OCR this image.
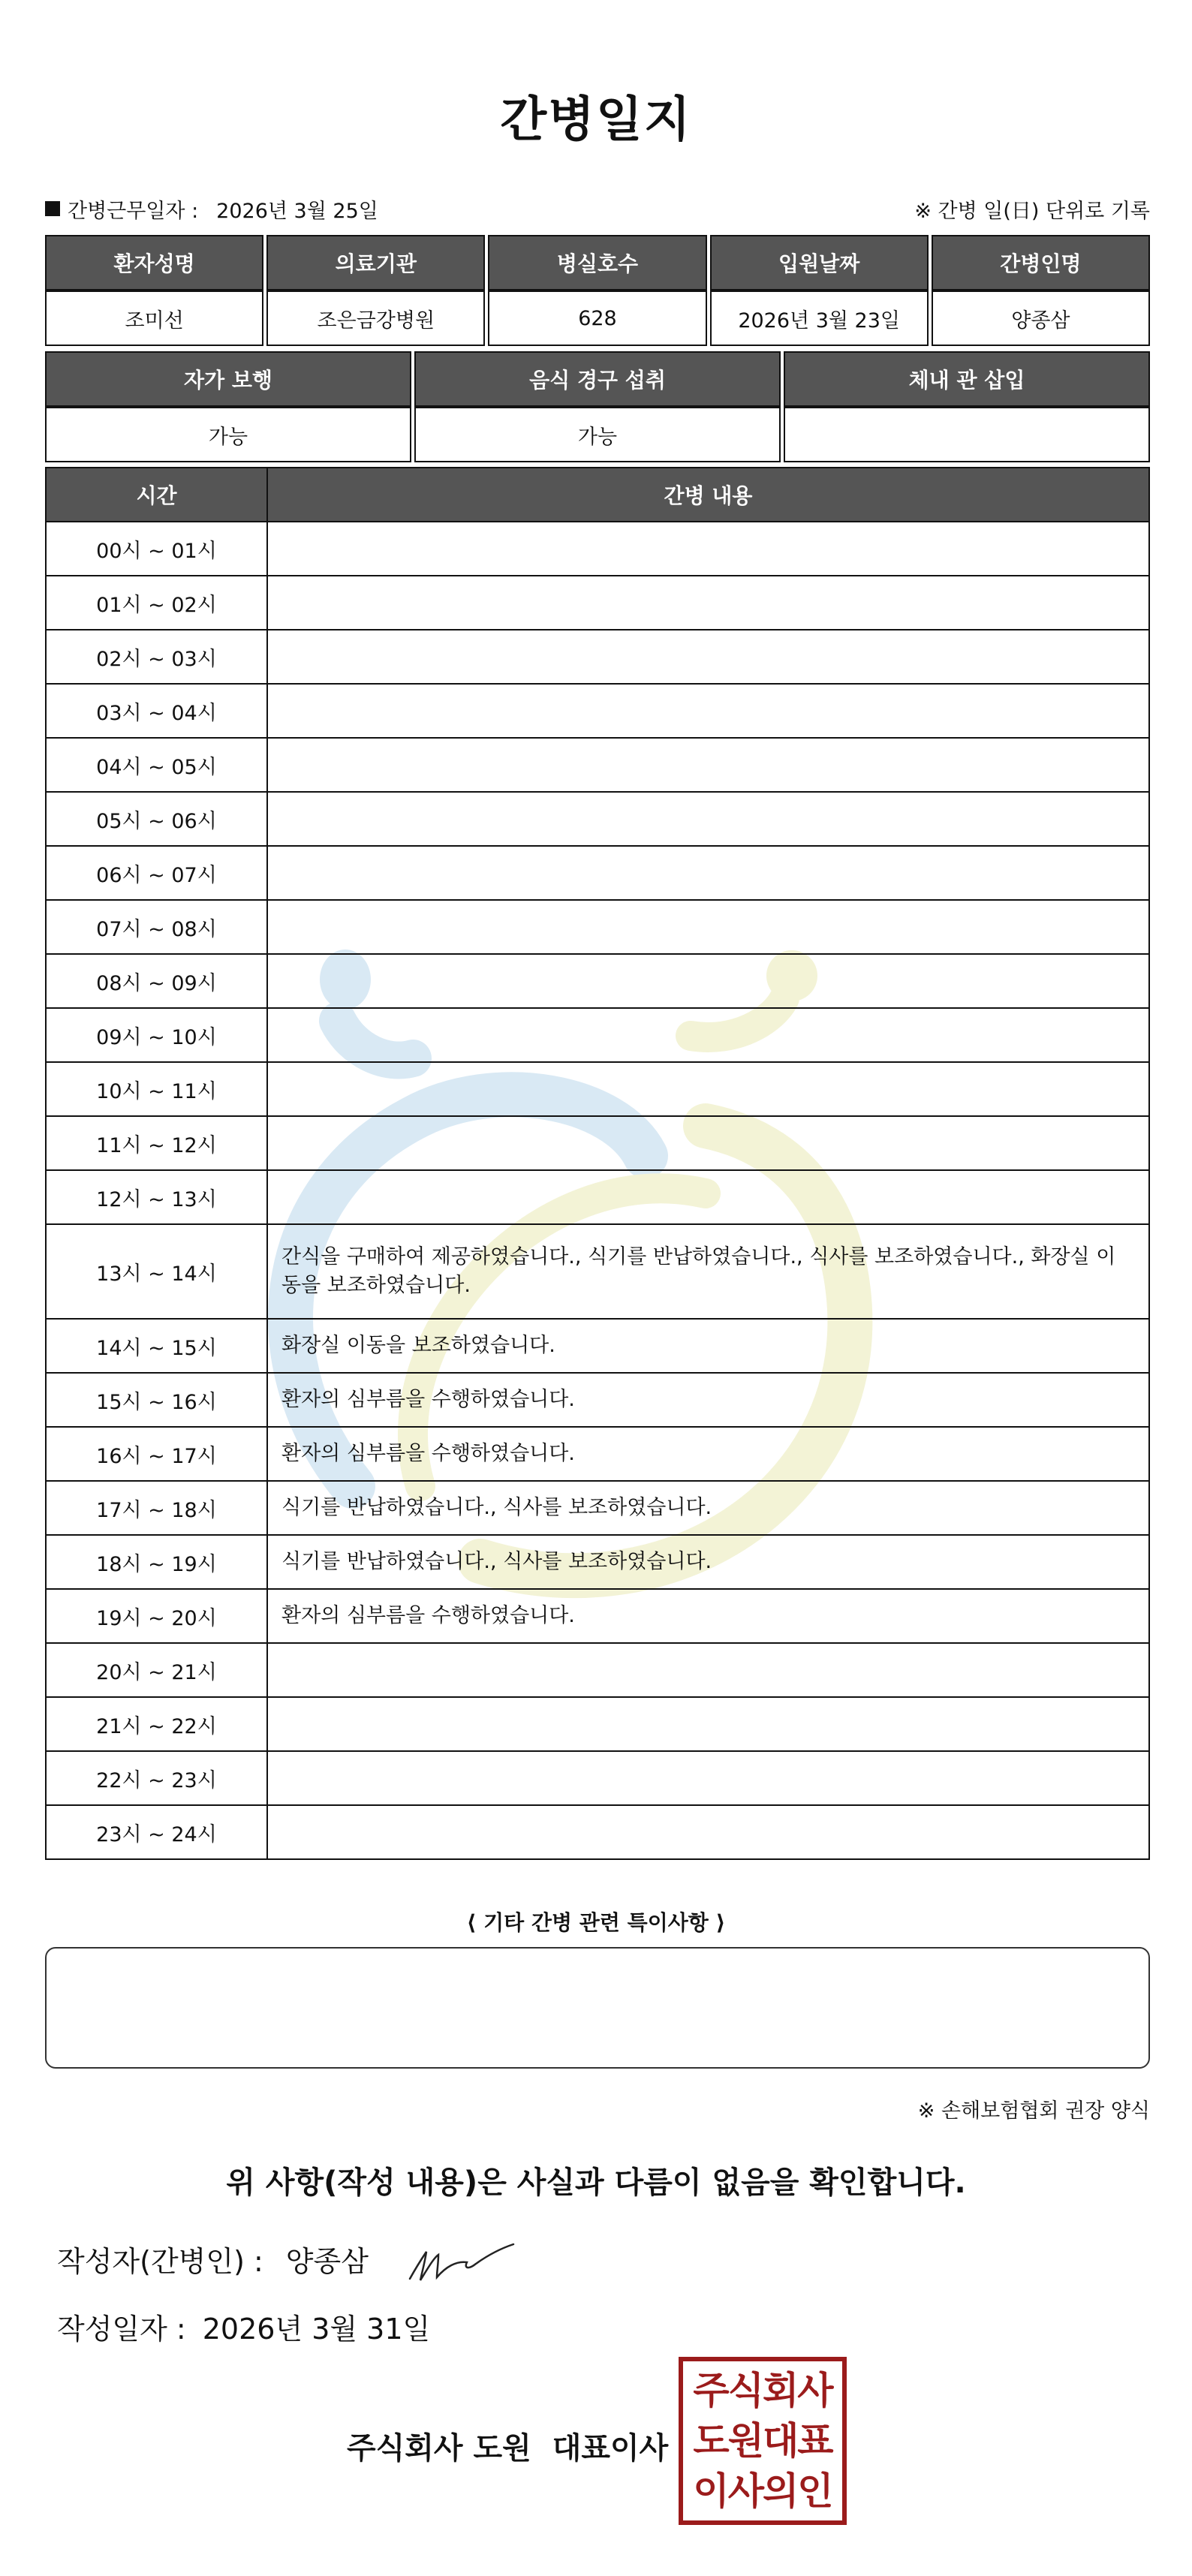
간병일지
간병근무일자 : 2026년 3월 25일	※ 간병 일(日) 단위로 기록
환자성명	의료기관	병실호수	입원날짜	간병인명
조미선	조은금강병원	628	2026년 3월 23일	양종삼
자가 보행	음식 경구 섭취	체내 관 삽입
가능	가능	
시간	간병 내용
00시 ~ 01시	
01시 ~ 02시	
02시 ~ 03시	
03시 ~ 04시	
04시 ~ 05시	
05시 ~ 06시	
06시 ~ 07시	
07시 ~ 08시	
08시 ~ 09시	
09시 ~ 10시	
10시 ~ 11시	
11시 ~ 12시	
12시 ~ 13시	
13시 ~ 14시	간식을 구매하여 제공하였습니다., 식기를 반납하였습니다., 식사를 보조하였습니다., 화장실 이동을 보조하였습니다.
14시 ~ 15시	화장실 이동을 보조하였습니다.
15시 ~ 16시	환자의 심부름을 수행하였습니다.
16시 ~ 17시	환자의 심부름을 수행하였습니다.
17시 ~ 18시	식기를 반납하였습니다., 식사를 보조하였습니다.
18시 ~ 19시	식기를 반납하였습니다., 식사를 보조하였습니다.
19시 ~ 20시	환자의 심부름을 수행하였습니다.
20시 ~ 21시	
21시 ~ 22시	
22시 ~ 23시	
23시 ~ 24시	
⟨ 기타 간병 관련 특이사항 ⟩
※ 손해보험협회 권장 양식
위 사항(작성 내용)은 사실과 다름이 없음을 확인합니다.
작성자(간병인) : 양종삼
작성일자 : 2026년 3월 31일
주식회사 도원 대표이사
주식회사
도원대표
이사의인
